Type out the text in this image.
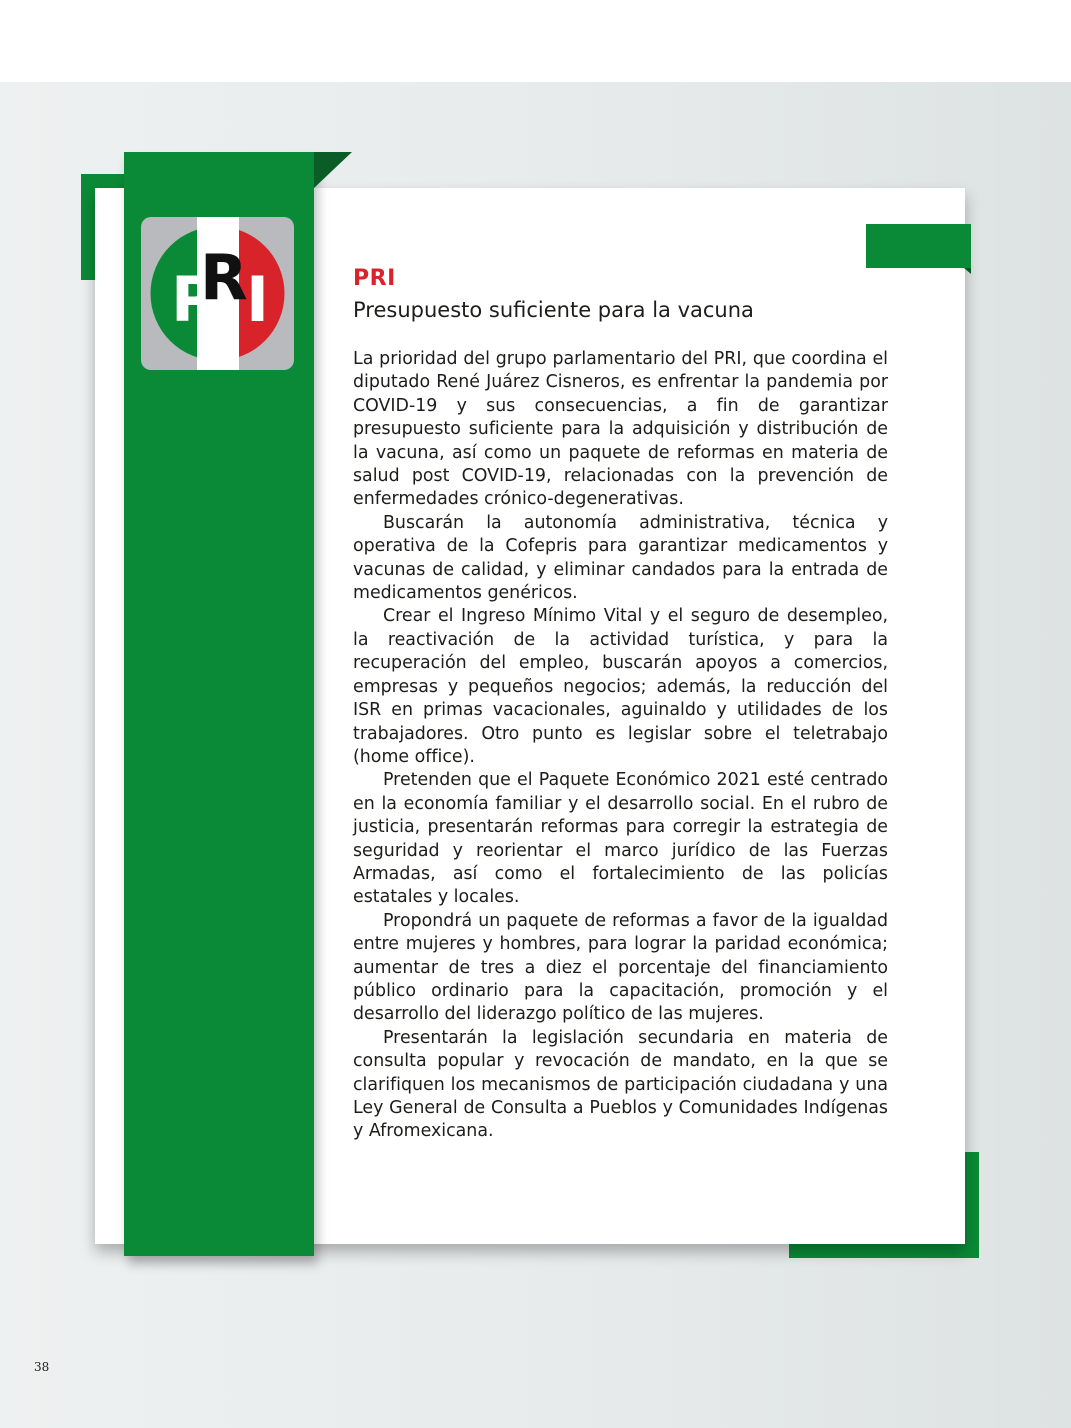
P
R
I	PRI
Presupuesto suficiente para la vacuna

La prioridad del grupo parlamentario del PRI, que coordina el diputado René Juárez Cisneros, es enfrentar la pandemia por COVID-19 y sus consecuencias, a fin de garantizar presupuesto suficiente para la adquisición y distribución de la vacuna, así como un paquete de reformas en materia de salud post COVID-19, relacionadas con la prevención de enfermedades crónico-degenerativas.

Buscarán la autonomía administrativa, técnica y operativa de la Cofepris para garantizar medicamentos y vacunas de calidad, y eliminar candados para la entrada de medicamentos genéricos.

Crear el Ingreso Mínimo Vital y el seguro de desempleo, la reactivación de la actividad turística, y para la recuperación del empleo, buscarán apoyos a comercios, empresas y pequeños negocios; además, la reducción del ISR en primas vacacionales, aguinaldo y utilidades de los trabajadores. Otro punto es legislar sobre el teletrabajo (home office).

Pretenden que el Paquete Económico 2021 esté centrado en la economía familiar y el desarrollo social. En el rubro de justicia, presentarán reformas para corregir la estrategia de seguridad y reorientar el marco jurídico de las Fuerzas Armadas, así como el fortalecimiento de las policías estatales y locales.

Propondrá un paquete de reformas a favor de la igualdad entre mujeres y hombres, para lograr la paridad económica; aumentar de tres a diez el porcentaje del financiamiento público ordinario para la capacitación, promoción y el desarrollo del liderazgo político de las mujeres.

Presentarán la legislación secundaria en materia de consulta popular y revocación de mandato, en la que se clarifiquen los mecanismos de participación ciudadana y una Ley General de Consulta a Pueblos y Comunidades Indígenas y Afromexicana.

38
